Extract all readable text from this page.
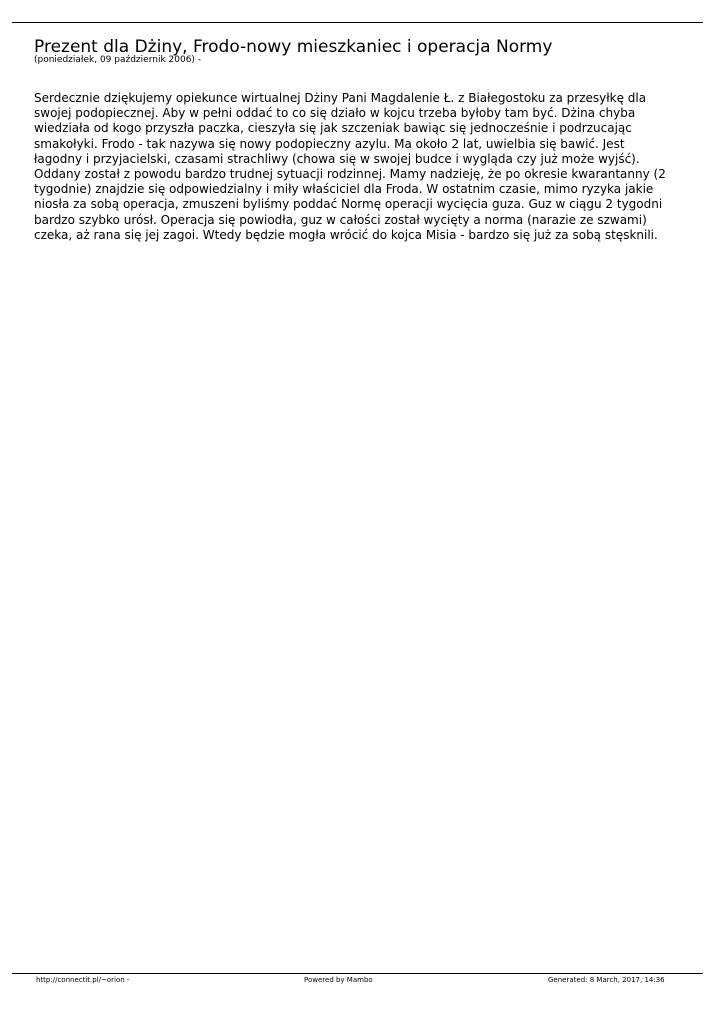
Prezent dla Dżiny, Frodo-nowy mieszkaniec i operacja Normy

(poniedziałek, 09 październik 2006) -

Serdecznie dziękujemy opiekunce wirtualnej Dżiny Pani Magdalenie Ł. z Białegostoku za przesyłkę dla
swojej podopiecznej. Aby w pełni oddać to co się działo w kojcu trzeba byłoby tam być. Dżina chyba
wiedziała od kogo przyszła paczka, cieszyła się jak szczeniak bawiąc się jednocześnie i podrzucając
smakołyki. Frodo - tak nazywa się nowy podopieczny azylu. Ma około 2 lat, uwielbia się bawić. Jest
łagodny i przyjacielski, czasami strachliwy (chowa się w swojej budce i wygląda czy już może wyjść).
Oddany został z powodu bardzo trudnej sytuacji rodzinnej. Mamy nadzieję, że po okresie kwarantanny (2
tygodnie) znajdzie się odpowiedzialny i miły właściciel dla Froda. W ostatnim czasie, mimo ryzyka jakie
niosła za sobą operacja, zmuszeni byliśmy poddać Normę operacji wycięcia guza. Guz w ciągu 2 tygodni
bardzo szybko urósł. Operacja się powiodła, guz w całości został wycięty a norma (narazie ze szwami)
czeka, aż rana się jej zagoi. Wtedy będzie mogła wrócić do kojca Misia - bardzo się już za sobą stęsknili.
http://connectit.pl/~orion -	Powered by Mambo	Generated: 8 March, 2017, 14:36
